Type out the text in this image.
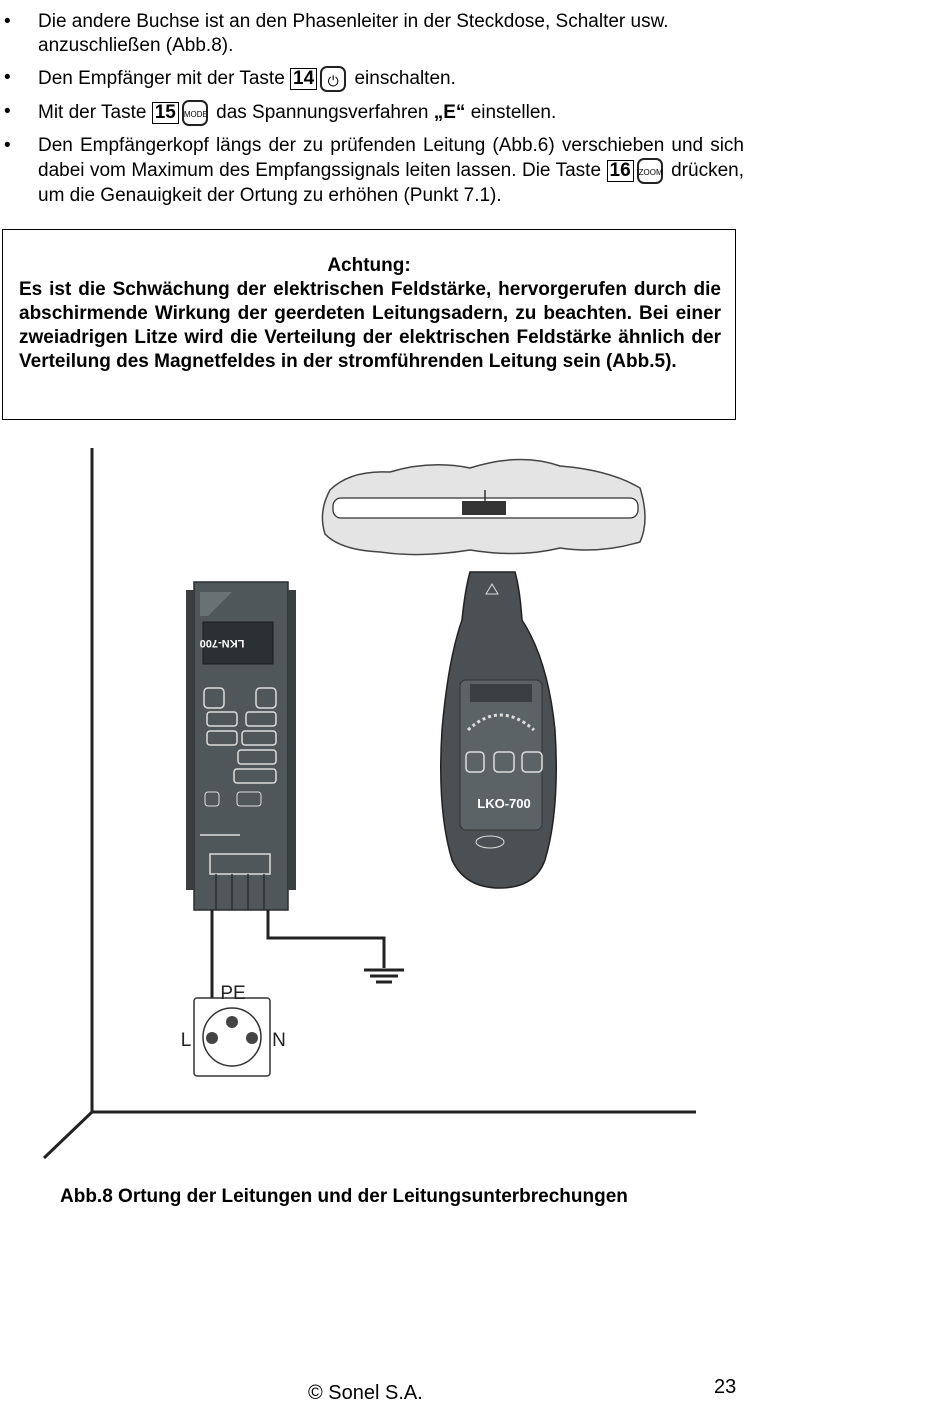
• Die andere Buchse ist an den Phasenleiter in der Steckdose, Schalter usw. anzuschließen (Abb.8).
• Den Empfänger mit der Taste 14 ⏻ einschalten.
• Mit der Taste 15 MODE das Spannungsverfahren „E“ einstellen.
• Den Empfängerkopf längs der zu prüfenden Leitung (Abb.6) verschieben und sich dabei vom Maximum des Empfangssignals leiten lassen. Die Taste 16 ZOOM drücken, um die Genauigkeit der Ortung zu erhöhen (Punkt 7.1).
Achtung:
Es ist die Schwächung der elektrischen Feldstärke, hervorgerufen durch die abschirmende Wirkung der geerdeten Leitungsadern, zu beachten. Bei einer zweiadrigen Litze wird die Verteilung der elektrischen Feldstärke ähnlich der Verteilung des Magnetfeldes in der stromführenden Leitung sein (Abb.5).
LKN-700
LKO-700
PE
L	N
Abb.8 Ortung der Leitungen und der Leitungsunterbrechungen
© Sonel S.A.	23
